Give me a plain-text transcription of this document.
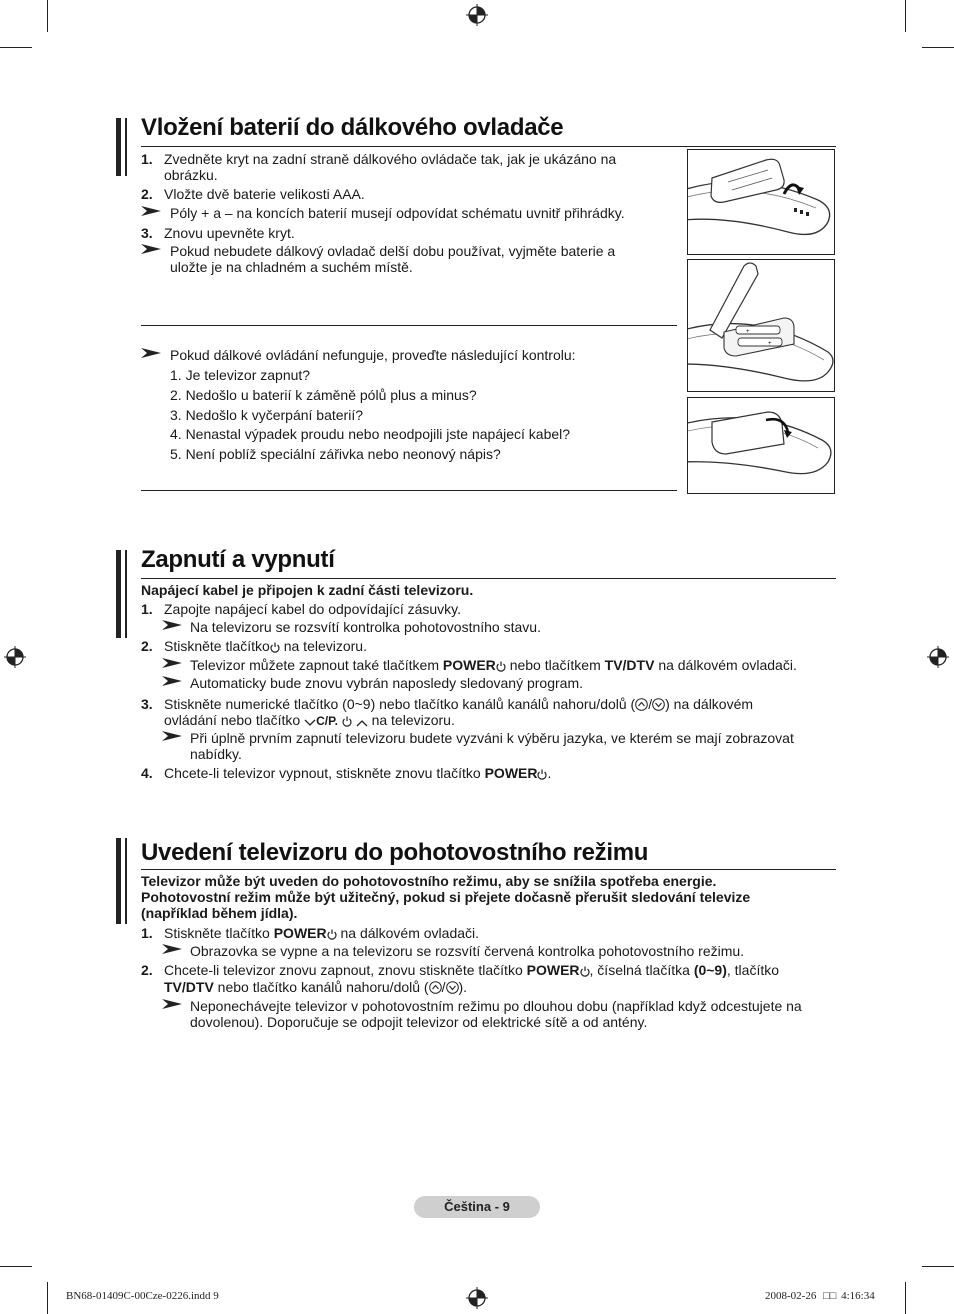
Vložení baterií do dálkového ovladače
1. Zvedněte kryt na zadní straně dálkového ovládače tak, jak je ukázáno na
obrázku.
2. Vložte dvě baterie velikosti AAA.
Póly + a – na koncích baterií musejí odpovídat schématu uvnitř přihrádky.
3. Znovu upevněte kryt.
Pokud nebudete dálkový ovladač delší dobu používat, vyjměte baterie a
uložte je na chladném a suchém místě.
Pokud dálkové ovládání nefunguje, proveďte následující kontrolu:
1. Je televizor zapnut?
2. Nedošlo u baterií k záměně pólů plus a minus?
3. Nedošlo k vyčerpání baterií?
4. Nenastal výpadek proudu nebo neodpojili jste napájecí kabel?
5. Není poblíž speciální zářivka nebo neonový nápis?
+
+
Zapnutí a vypnutí
Napájecí kabel je připojen k zadní části televizoru.
1. Zapojte napájecí kabel do odpovídající zásuvky.
Na televizoru se rozsvítí kontrolka pohotovostního stavu.
2. Stiskněte tlačítko na televizoru.
Televizor můžete zapnout také tlačítkem POWER nebo tlačítkem TV/DTV na dálkovém ovladači.
Automaticky bude znovu vybrán naposledy sledovaný program.
3. Stiskněte numerické tlačítko (0~9) nebo tlačítko kanálů kanálů nahoru/dolů ( / ) na dálkovém
ovládání nebo tlačítko C/P. na televizoru.
Při úplně prvním zapnutí televizoru budete vyzváni k výběru jazyka, ve kterém se mají zobrazovat
nabídky.
4. Chcete-li televizor vypnout, stiskněte znovu tlačítko POWER .
Uvedení televizoru do pohotovostního režimu
Televizor může být uveden do pohotovostního režimu, aby se snížila spotřeba energie.
Pohotovostní režim může být užitečný, pokud si přejete dočasně přerušit sledování televize
(například během jídla).
1. Stiskněte tlačítko POWER na dálkovém ovladači.
Obrazovka se vypne a na televizoru se rozsvítí červená kontrolka pohotovostního režimu.
2. Chcete-li televizor znovu zapnout, znovu stiskněte tlačítko POWER , číselná tlačítka (0~9), tlačítko
TV/DTV nebo tlačítko kanálů nahoru/dolů ( / ).
Neponechávejte televizor v pohotovostním režimu po dlouhou dobu (například když odcestujete na
dovolenou). Doporučuje se odpojit televizor od elektrické sítě a od antény.
Čeština - 9
BN68-01409C-00Cze-0226.indd 9	2008-02-26 □□ 4:16:34
